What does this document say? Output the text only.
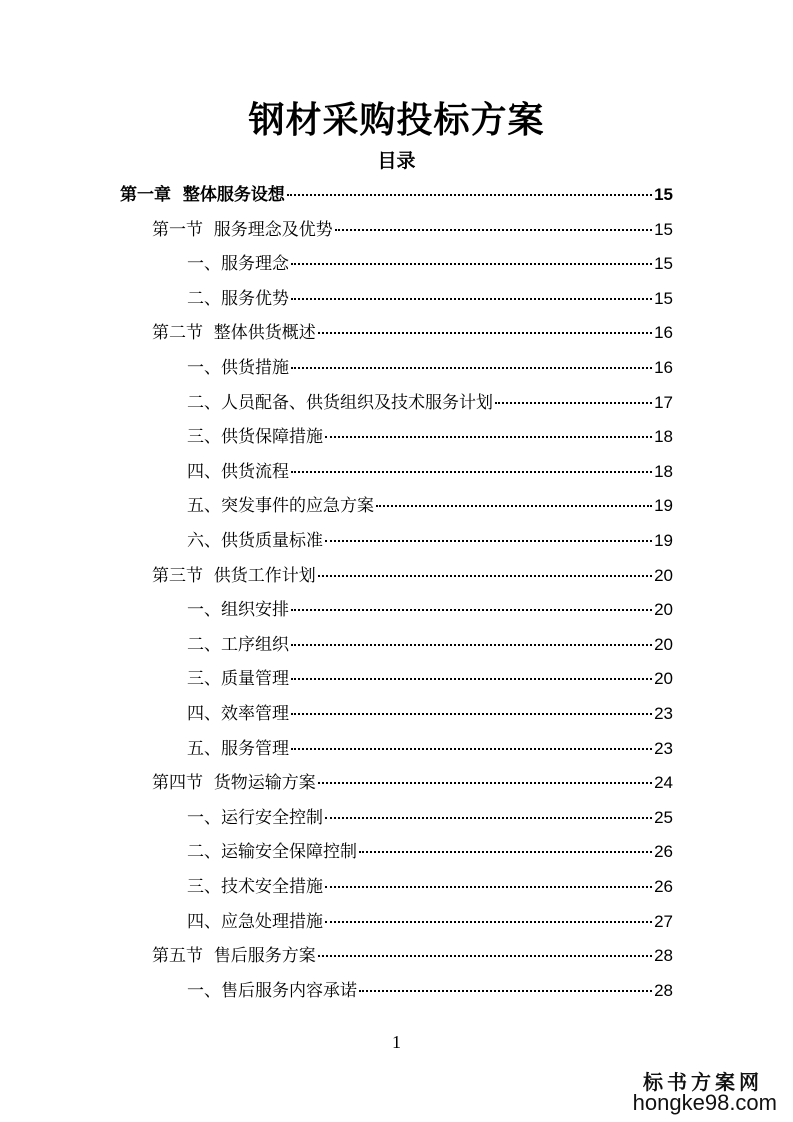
钢材采购投标方案
目录
第一章  整体服务设想	15
第一节  服务理念及优势	15
一、服务理念	15
二、服务优势	15
第二节  整体供货概述	16
一、供货措施	16
二、人员配备、供货组织及技术服务计划	17
三、供货保障措施	18
四、供货流程	18
五、突发事件的应急方案	19
六、供货质量标准	19
第三节  供货工作计划	20
一、组织安排	20
二、工序组织	20
三、质量管理	20
四、效率管理	23
五、服务管理	23
第四节  货物运输方案	24
一、运行安全控制	25
二、运输安全保障控制	26
三、技术安全措施	26
四、应急处理措施	27
第五节  售后服务方案	28
一、售后服务内容承诺	28
1
标书方案网
hongke98.com
